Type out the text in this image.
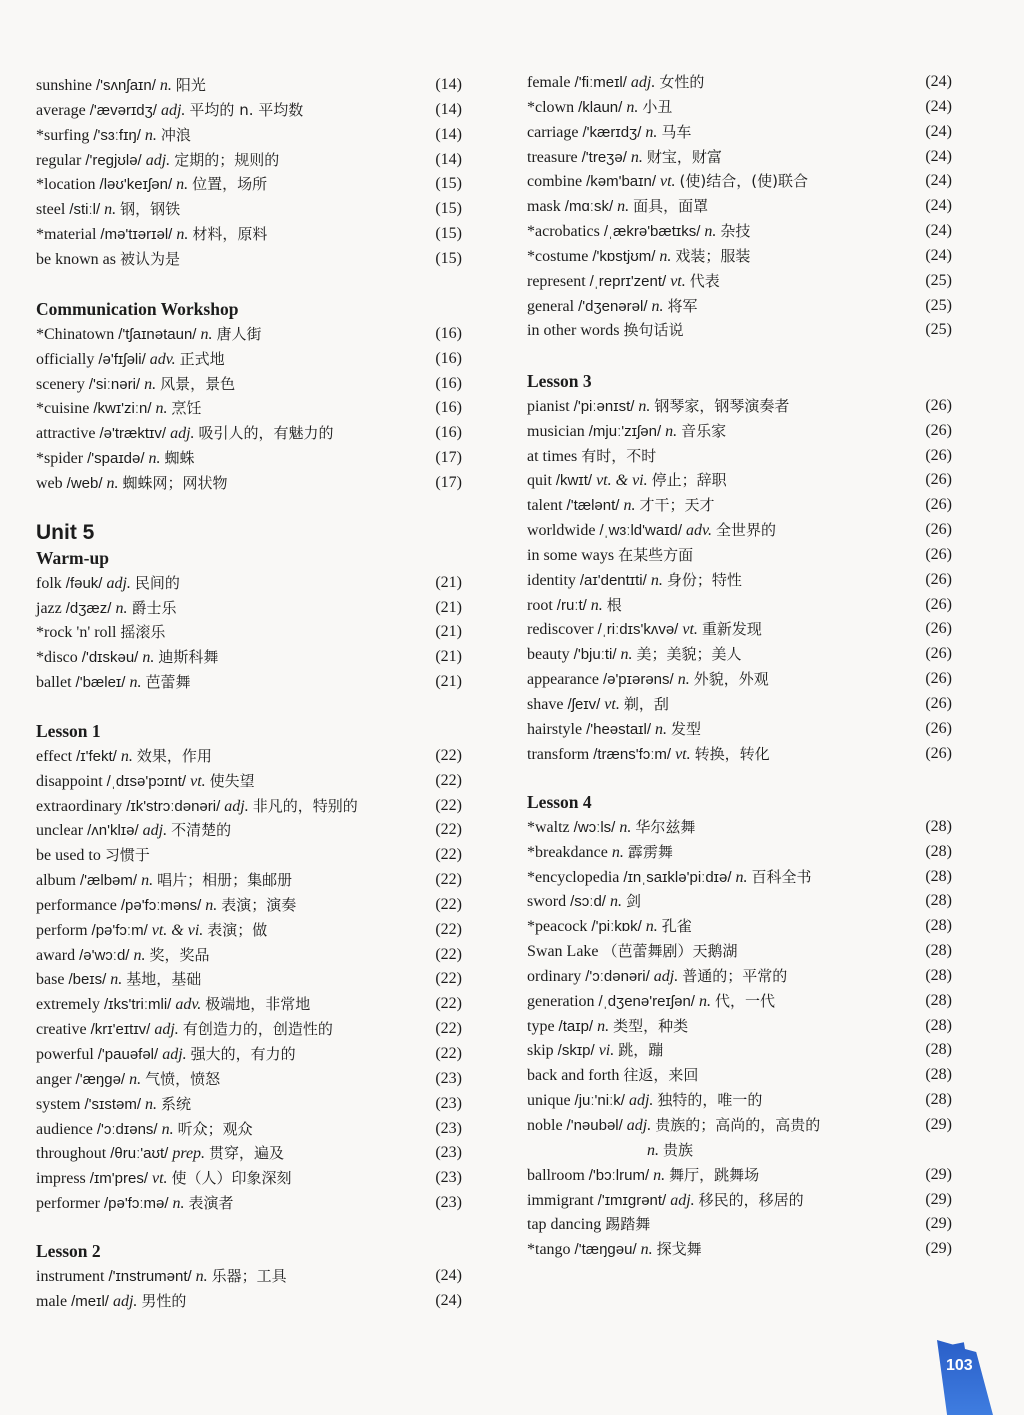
sunshine /'sʌnʃaɪn/ n. 阳光	(14)
average /'ævərɪdʒ/ adj. 平均的 n. 平均数	(14)
*surfing /'sɜːfɪŋ/ n. 冲浪	(14)
regular /'regjʊlə/ adj. 定期的；规则的	(14)
*location /ləʊ'keɪʃən/ n. 位置，场所	(15)
steel /stiːl/ n. 钢，钢铁	(15)
*material /mə'tɪərɪəl/ n. 材料，原料	(15)
be known as 被认为是	(15)
Communication Workshop
*Chinatown /'tʃaɪnətaun/ n. 唐人街	(16)
officially /ə'fɪʃəli/ adv. 正式地	(16)
scenery /'siːnəri/ n. 风景，景色	(16)
*cuisine /kwɪ'ziːn/ n. 烹饪	(16)
attractive /ə'træktɪv/ adj. 吸引人的，有魅力的	(16)
*spider /'spaɪdə/ n. 蜘蛛	(17)
web /web/ n. 蜘蛛网；网状物	(17)
Unit 5
Warm-up
folk /fəuk/ adj. 民间的	(21)
jazz /dʒæz/ n. 爵士乐	(21)
*rock 'n' roll 摇滚乐	(21)
*disco /'dɪskəu/ n. 迪斯科舞	(21)
ballet /'bæleɪ/ n. 芭蕾舞	(21)
Lesson 1
effect /ɪ'fekt/ n. 效果，作用	(22)
disappoint /ˌdɪsə'pɔɪnt/ vt. 使失望	(22)
extraordinary /ɪk'strɔːdənəri/ adj. 非凡的，特别的	(22)
unclear /ʌn'klɪə/ adj. 不清楚的	(22)
be used to 习惯于	(22)
album /'ælbəm/ n. 唱片；相册；集邮册	(22)
performance /pə'fɔːməns/ n. 表演；演奏	(22)
perform /pə'fɔːm/ vt. & vi. 表演；做	(22)
award /ə'wɔːd/ n. 奖，奖品	(22)
base /beɪs/ n. 基地，基础	(22)
extremely /ɪks'triːmli/ adv. 极端地，非常地	(22)
creative /krɪ'eɪtɪv/ adj. 有创造力的，创造性的	(22)
powerful /'pauəfəl/ adj. 强大的，有力的	(22)
anger /'æŋgə/ n. 气愤，愤怒	(23)
system /'sɪstəm/ n. 系统	(23)
audience /'ɔːdɪəns/ n. 听众；观众	(23)
throughout /θruː'aʊt/ prep. 贯穿，遍及	(23)
impress /ɪm'pres/ vt. 使（人）印象深刻	(23)
performer /pə'fɔːmə/ n. 表演者	(23)
Lesson 2
instrument /'ɪnstrumənt/ n. 乐器；工具	(24)
male /meɪl/ adj. 男性的	(24)
female /'fiːmeɪl/ adj. 女性的	(24)
*clown /klaun/ n. 小丑	(24)
carriage /'kærɪdʒ/ n. 马车	(24)
treasure /'treʒə/ n. 财宝，财富	(24)
combine /kəm'baɪn/ vt. (使)结合，(使)联合	(24)
mask /mɑːsk/ n. 面具，面罩	(24)
*acrobatics /ˌækrə'bætɪks/ n. 杂技	(24)
*costume /'kɒstjʊm/ n. 戏装；服装	(24)
represent /ˌreprɪ'zent/ vt. 代表	(25)
general /'dʒenərəl/ n. 将军	(25)
in other words 换句话说	(25)
Lesson 3
pianist /'piːənɪst/ n. 钢琴家，钢琴演奏者	(26)
musician /mjuː'zɪʃən/ n. 音乐家	(26)
at times 有时，不时	(26)
quit /kwɪt/ vt. & vi. 停止；辞职	(26)
talent /'tælənt/ n. 才干；天才	(26)
worldwide /ˌwɜːld'waɪd/ adv. 全世界的	(26)
in some ways 在某些方面	(26)
identity /aɪ'dentɪti/ n. 身份；特性	(26)
root /ruːt/ n. 根	(26)
rediscover /ˌriːdɪs'kʌvə/ vt. 重新发现	(26)
beauty /'bjuːti/ n. 美；美貌；美人	(26)
appearance /ə'pɪərəns/ n. 外貌，外观	(26)
shave /ʃeɪv/ vt. 剃，刮	(26)
hairstyle /'heəstaɪl/ n. 发型	(26)
transform /træns'fɔːm/ vt. 转换，转化	(26)
Lesson 4
*waltz /wɔːls/ n. 华尔兹舞	(28)
*breakdance n. 霹雳舞	(28)
*encyclopedia /ɪnˌsaɪklə'piːdɪə/ n. 百科全书	(28)
sword /sɔːd/ n. 剑	(28)
*peacock /'piːkɒk/ n. 孔雀	(28)
Swan Lake （芭蕾舞剧）天鹅湖	(28)
ordinary /'ɔːdənəri/ adj. 普通的；平常的	(28)
generation /ˌdʒenə'reɪʃən/ n. 代，一代	(28)
type /taɪp/ n. 类型，种类	(28)
skip /skɪp/ vi. 跳，蹦	(28)
back and forth 往返，来回	(28)
unique /juː'niːk/ adj. 独特的，唯一的	(28)
noble /'nəubəl/ adj. 贵族的；高尚的，高贵的	(29)
n. 贵族
ballroom /'bɔːlrum/ n. 舞厅，跳舞场	(29)
immigrant /'ɪmɪgrənt/ adj. 移民的，移居的	(29)
tap dancing 踢踏舞	(29)
*tango /'tæŋgəu/ n. 探戈舞	(29)
103
